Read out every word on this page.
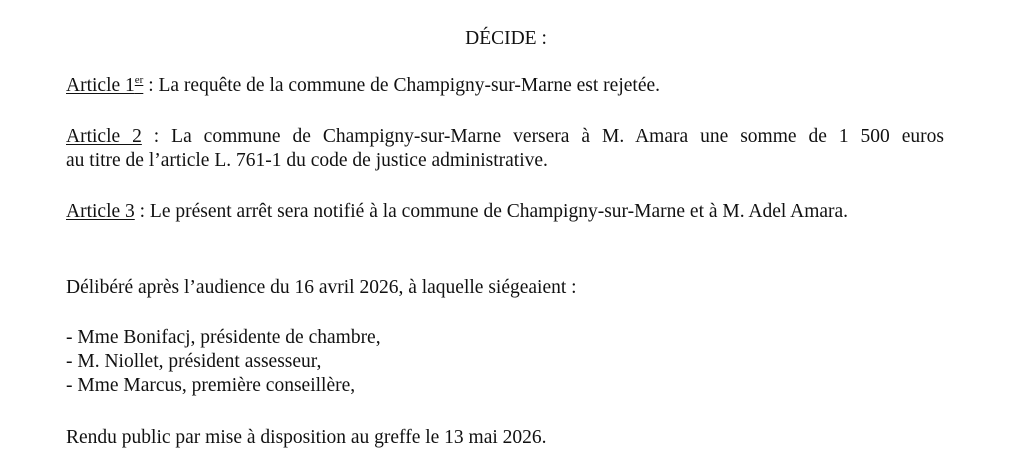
DÉCIDE :
Article 1er : La requête de la commune de Champigny-sur-Marne est rejetée.
Article 2 : La commune de Champigny-sur-Marne versera à M. Amara une somme de 1 500 euros
au titre de l’article L. 761-1 du code de justice administrative.
Article 3 : Le présent arrêt sera notifié à la commune de Champigny-sur-Marne et à M. Adel Amara.
Délibéré après l’audience du 16 avril 2026, à laquelle siégeaient :
- Mme Bonifacj, présidente de chambre,
- M. Niollet, président assesseur,
- Mme Marcus, première conseillère,
Rendu public par mise à disposition au greffe le 13 mai 2026.
